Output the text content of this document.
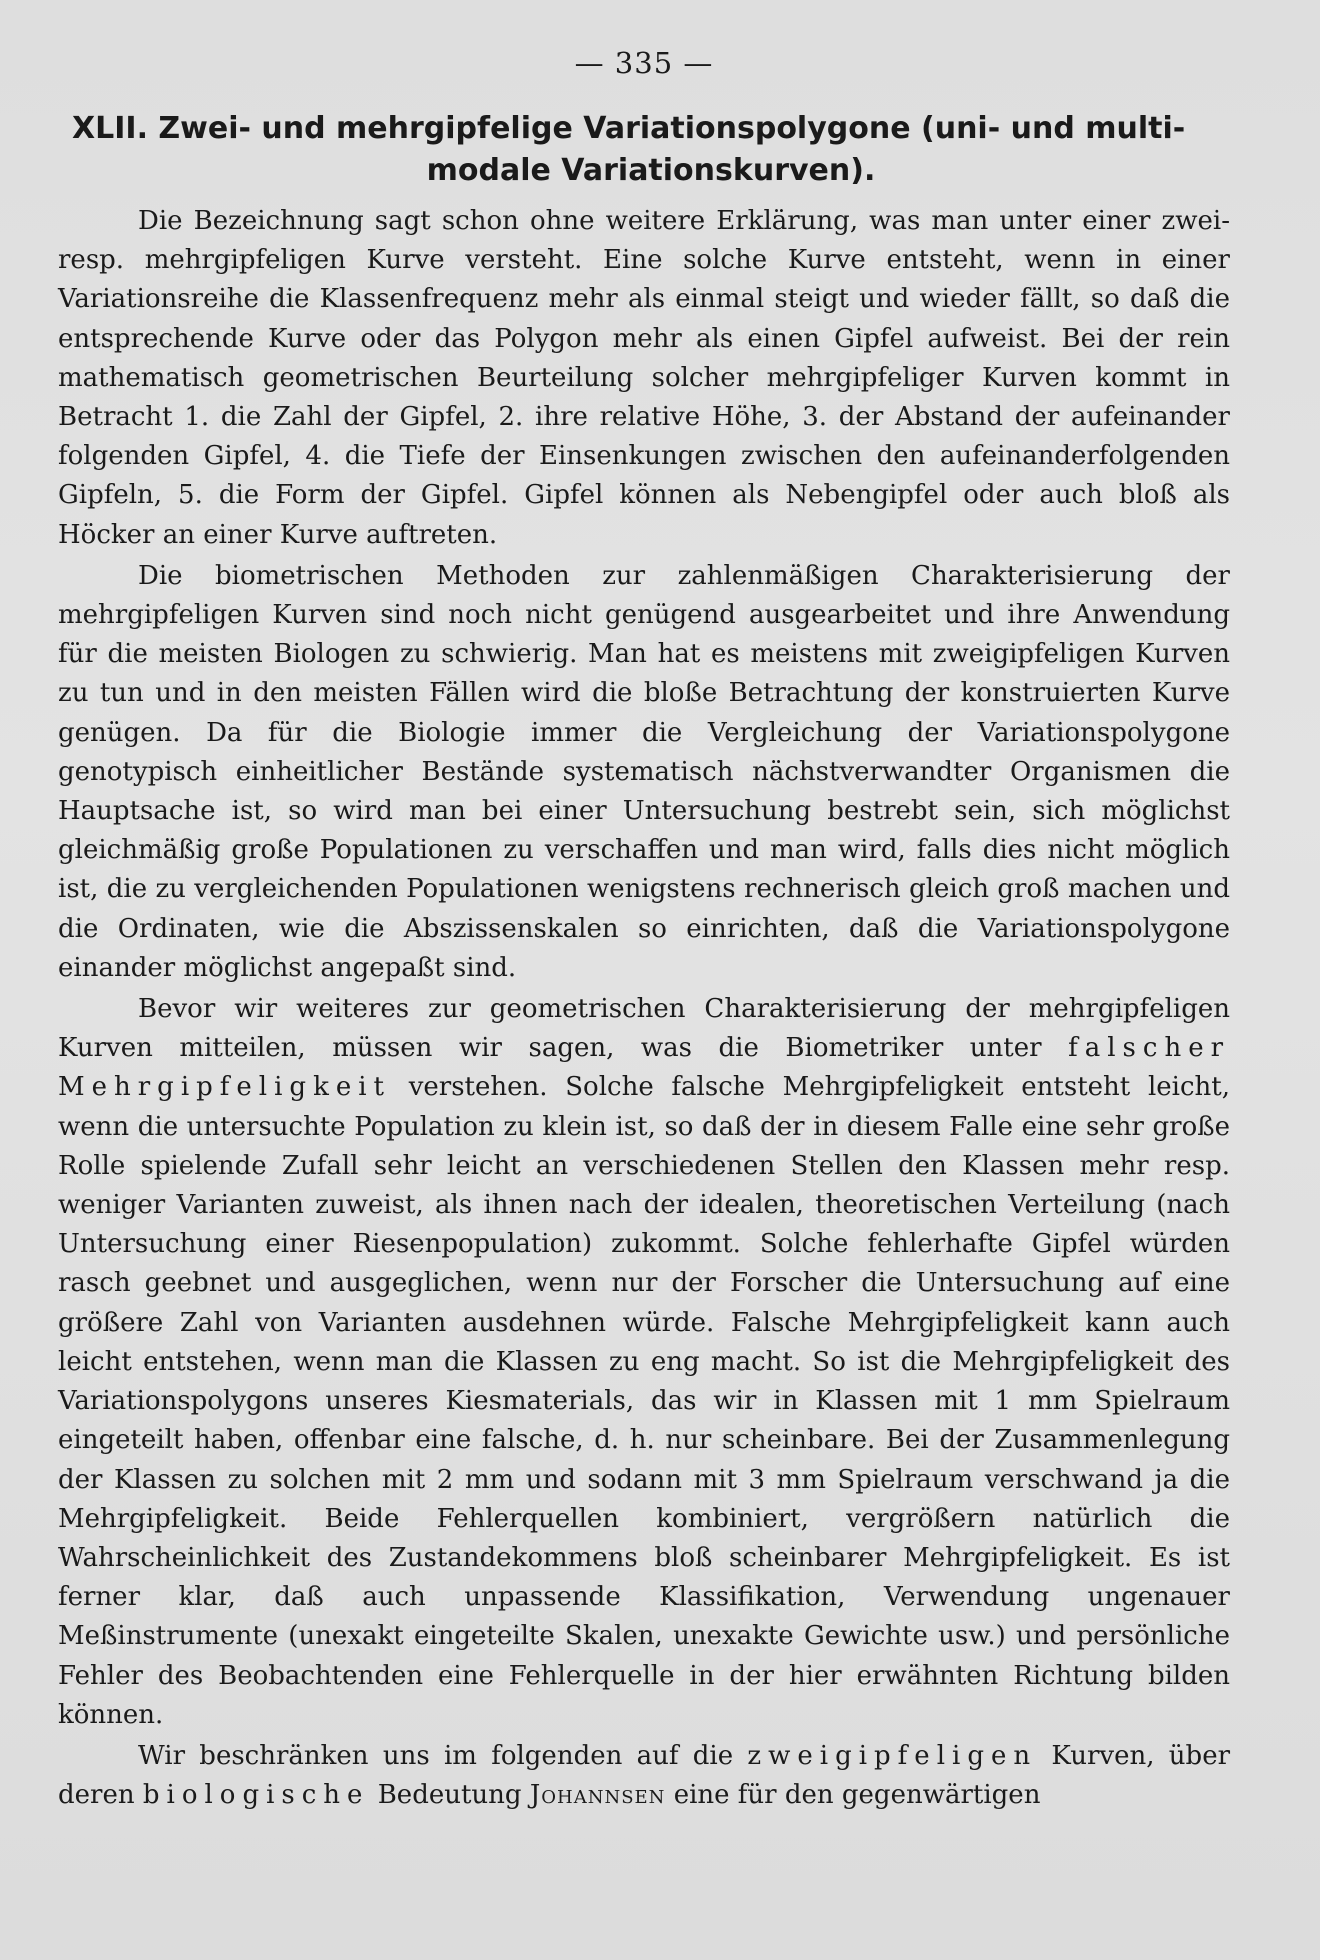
— 335 —
XLII. Zwei- und mehrgipfelige Variationspolygone (uni- und multi-
modale Variationskurven).

Die Bezeichnung sagt schon ohne weitere Erklärung, was man unter einer zwei- resp. mehrgipfeligen Kurve versteht. Eine solche Kurve entsteht, wenn in einer Variationsreihe die Klassenfrequenz mehr als einmal steigt und wieder fällt, so daß die entsprechende Kurve oder das Polygon mehr als einen Gipfel aufweist. Bei der rein mathematisch geometrischen Beurteilung solcher mehrgipfeliger Kurven kommt in Betracht 1. die Zahl der Gipfel, 2. ihre relative Höhe, 3. der Abstand der aufeinander folgenden Gipfel, 4. die Tiefe der Einsenkungen zwischen den aufeinanderfolgenden Gipfeln, 5. die Form der Gipfel. Gipfel können als Nebengipfel oder auch bloß als Höcker an einer Kurve auftreten.

Die biometrischen Methoden zur zahlenmäßigen Charakterisierung der mehrgipfeligen Kurven sind noch nicht genügend ausgearbeitet und ihre Anwendung für die meisten Biologen zu schwierig. Man hat es meistens mit zweigipfeligen Kurven zu tun und in den meisten Fällen wird die bloße Betrachtung der konstruierten Kurve genügen. Da für die Biologie immer die Vergleichung der Variationspolygone genotypisch einheitlicher Bestände systematisch nächstverwandter Organismen die Hauptsache ist, so wird man bei einer Untersuchung bestrebt sein, sich möglichst gleichmäßig große Populationen zu verschaffen und man wird, falls dies nicht möglich ist, die zu vergleichenden Populationen wenigstens rechnerisch gleich groß machen und die Ordinaten, wie die Abszissenskalen so einrichten, daß die Variationspolygone einander möglichst angepaßt sind.

Bevor wir weiteres zur geometrischen Charakterisierung der mehrgipfeligen Kurven mitteilen, müssen wir sagen, was die Biometriker unter falscher Mehrgipfeligkeit verstehen. Solche falsche Mehrgipfeligkeit entsteht leicht, wenn die untersuchte Population zu klein ist, so daß der in diesem Falle eine sehr große Rolle spielende Zufall sehr leicht an verschiedenen Stellen den Klassen mehr resp. weniger Varianten zuweist, als ihnen nach der idealen, theoretischen Verteilung (nach Untersuchung einer Riesenpopulation) zukommt. Solche fehlerhafte Gipfel würden rasch geebnet und ausgeglichen, wenn nur der Forscher die Untersuchung auf eine größere Zahl von Varianten ausdehnen würde. Falsche Mehrgipfeligkeit kann auch leicht entstehen, wenn man die Klassen zu eng macht. So ist die Mehrgipfeligkeit des Variationspolygons unseres Kiesmaterials, das wir in Klassen mit 1 mm Spielraum eingeteilt haben, offenbar eine falsche, d. h. nur scheinbare. Bei der Zusammenlegung der Klassen zu solchen mit 2 mm und sodann mit 3 mm Spielraum verschwand ja die Mehrgipfeligkeit. Beide Fehlerquellen kombiniert, vergrößern natürlich die Wahrscheinlichkeit des Zustandekommens bloß scheinbarer Mehrgipfeligkeit. Es ist ferner klar, daß auch unpassende Klassifikation, Verwendung ungenauer Meßinstrumente (unexakt eingeteilte Skalen, unexakte Gewichte usw.) und persönliche Fehler des Beobachtenden eine Fehlerquelle in der hier erwähnten Richtung bilden können.

Wir beschränken uns im folgenden auf die zweigipfeligen Kurven, über deren biologische Bedeutung Johannsen eine für den gegenwärtigen
